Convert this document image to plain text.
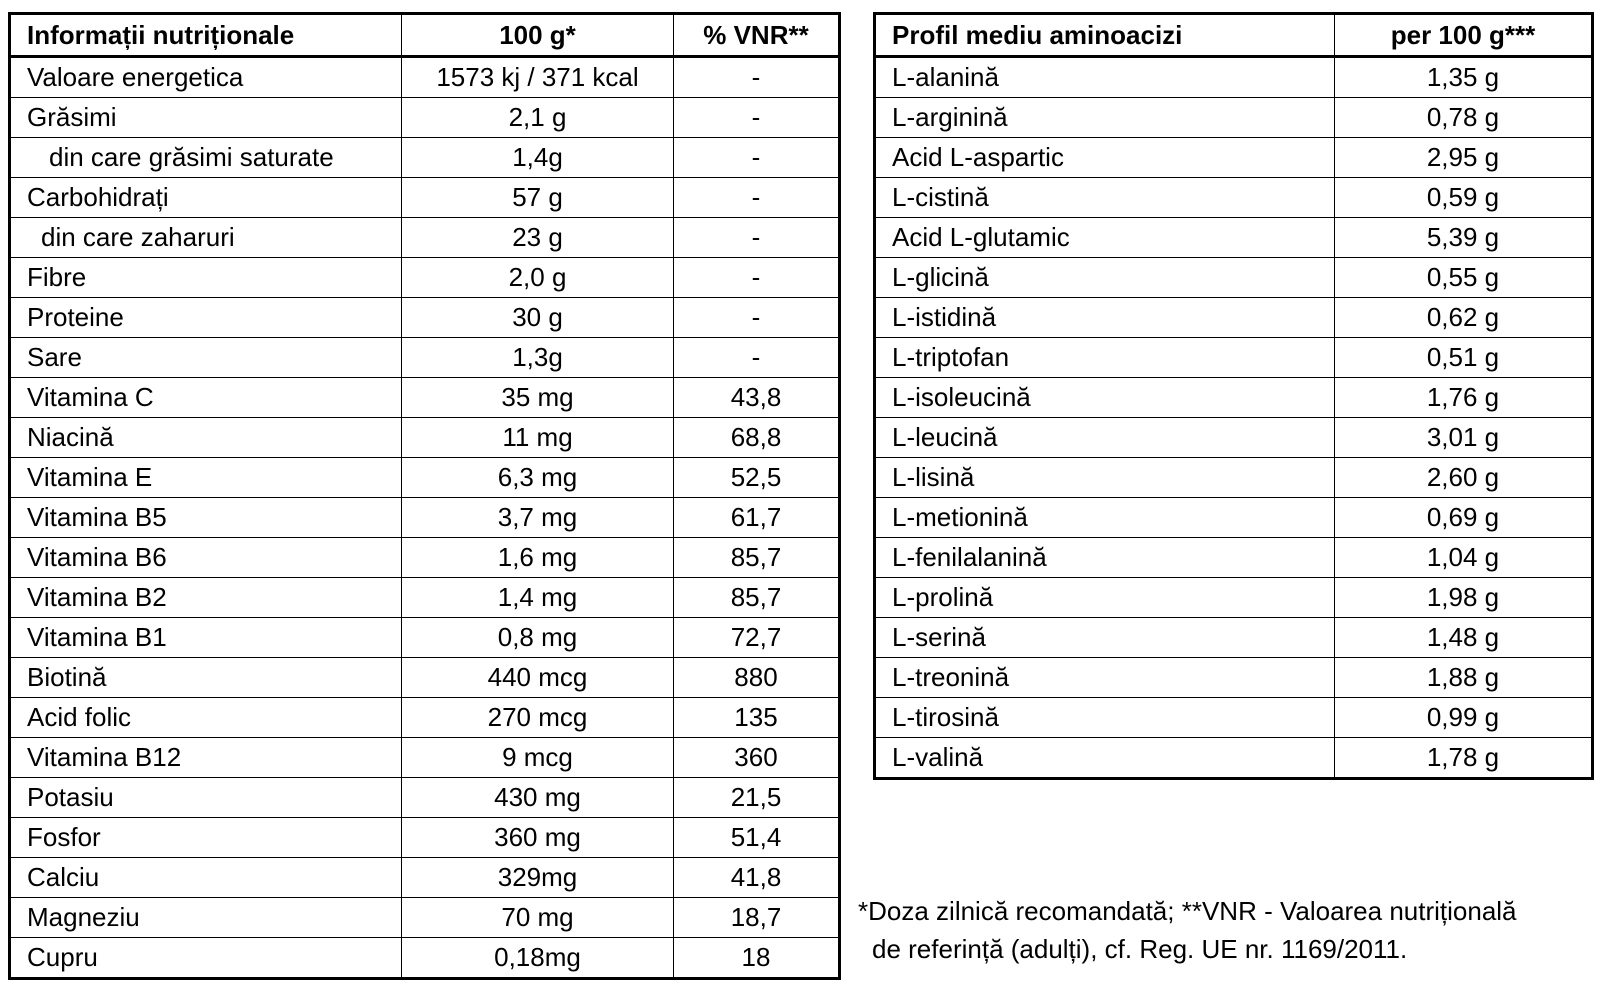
Informații nutriționale	100 g*	% VNR**
Valoare energetica	1573 kj / 371 kcal	-
Grăsimi	2,1 g	-
din care grăsimi saturate	1,4g	-
Carbohidrați	57 g	-
din care zaharuri	23 g	-
Fibre	2,0 g	-
Proteine	30 g	-
Sare	1,3g	-
Vitamina C	35 mg	43,8
Niacină	11 mg	68,8
Vitamina E	6,3 mg	52,5
Vitamina B5	3,7 mg	61,7
Vitamina B6	1,6 mg	85,7
Vitamina B2	1,4 mg	85,7
Vitamina B1	0,8 mg	72,7
Biotină	440 mcg	880
Acid folic	270 mcg	135
Vitamina B12	9 mcg	360
Potasiu	430 mg	21,5
Fosfor	360 mg	51,4
Calciu	329mg	41,8
Magneziu	70 mg	18,7
Cupru	0,18mg	18
Profil mediu aminoacizi	per 100 g***
L-alanină	1,35 g
L-arginină	0,78 g
Acid L-aspartic	2,95 g
L-cistină	0,59 g
Acid L-glutamic	5,39 g
L-glicină	0,55 g
L-istidină	0,62 g
L-triptofan	0,51 g
L-isoleucină	1,76 g
L-leucină	3,01 g
L-lisină	2,60 g
L-metionină	0,69 g
L-fenilalanină	1,04 g
L-prolină	1,98 g
L-serină	1,48 g
L-treonină	1,88 g
L-tirosină	0,99 g
L-valină	1,78 g
*Doza zilnică recomandată; **VNR - Valoarea nutrițională
de referință (adulți), cf. Reg. UE nr. 1169/2011.
